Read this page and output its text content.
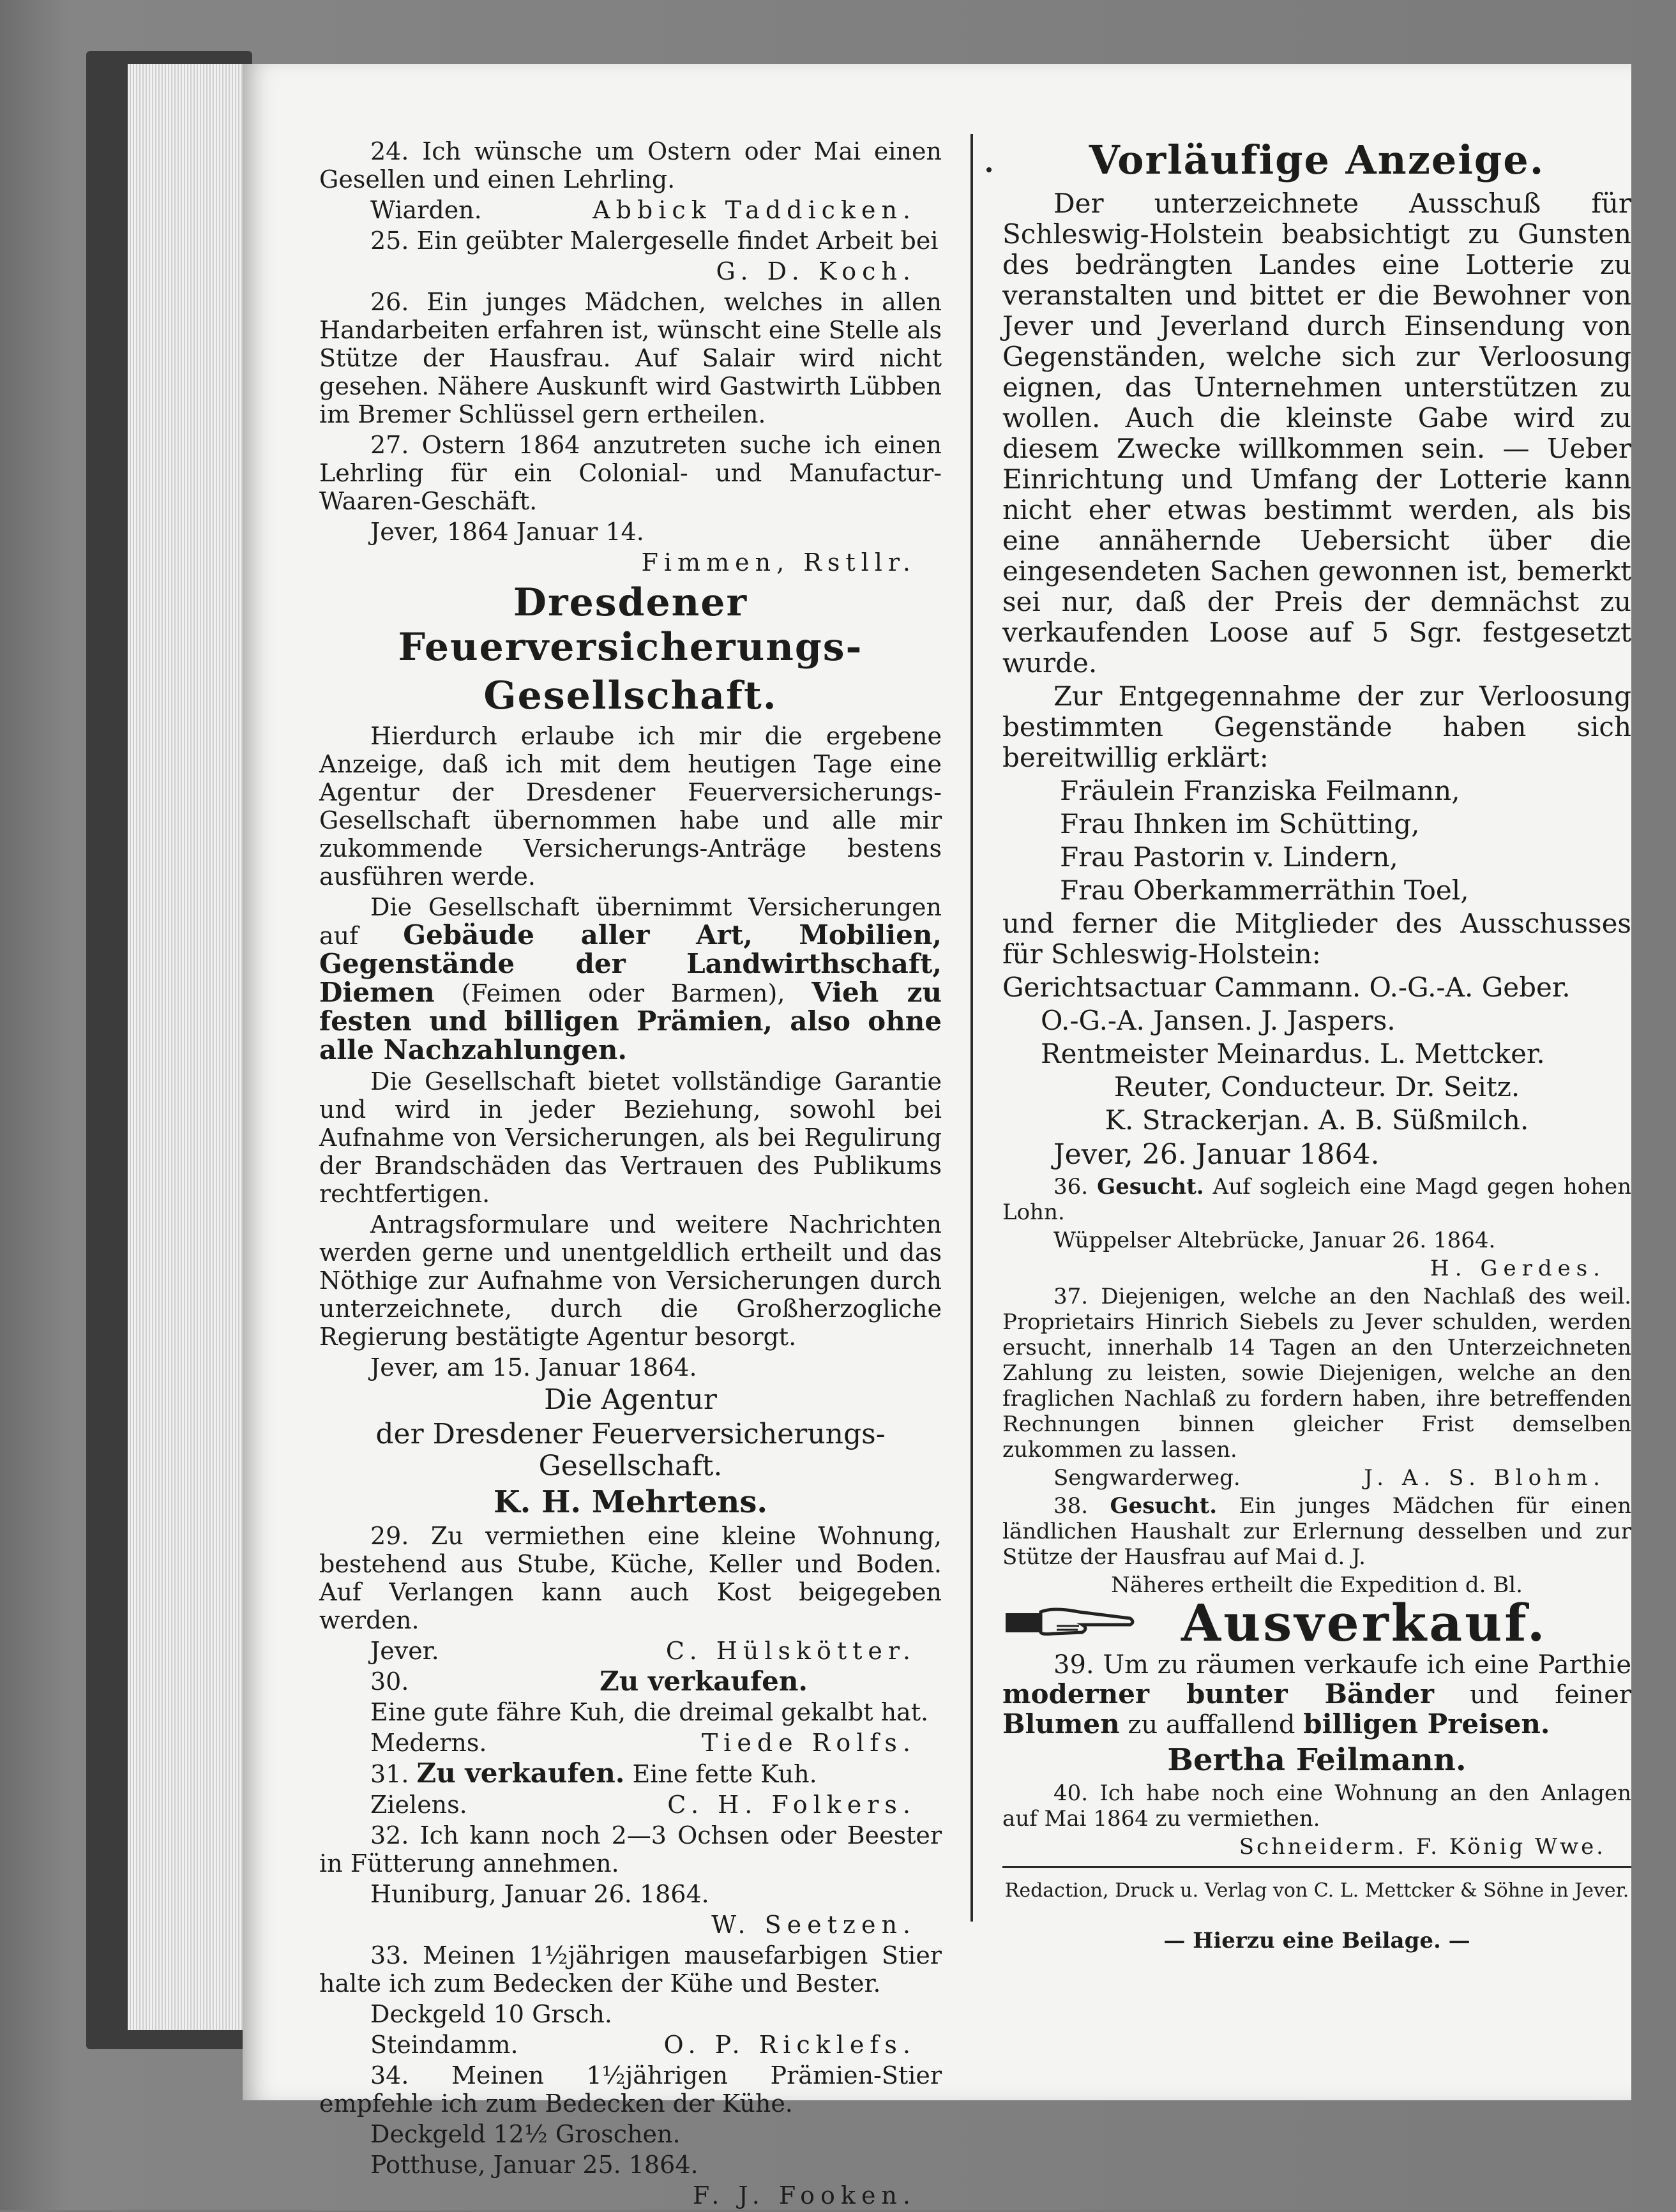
24. Ich wünsche um Ostern oder Mai einen Gesellen und einen Lehrling.

Wiarden.	Abbick Taddicken.

25. Ein geübter Malergeselle findet Arbeit bei

G. D. Koch.

26. Ein junges Mädchen, welches in allen Handarbeiten erfahren ist, wünscht eine Stelle als Stütze der Hausfrau. Auf Salair wird nicht gesehen. Nähere Auskunft wird Gastwirth Lübben im Bremer Schlüssel gern ertheilen.

27. Ostern 1864 anzutreten suche ich einen Lehrling für ein Colonial- und Manufactur-Waaren-Geschäft.

Jever, 1864 Januar 14.

Fimmen, Rstllr.

Dresdener Feuerversicherungs-

Gesellschaft.

Hierdurch erlaube ich mir die ergebene Anzeige, daß ich mit dem heutigen Tage eine Agentur der Dresdener Feuerversicherungs-Gesellschaft übernommen habe und alle mir zukommende Versicherungs-Anträge bestens ausführen werde.

Die Gesellschaft übernimmt Versicherungen auf Gebäude aller Art, Mobilien, Gegenstände der Landwirthschaft, Diemen (Feimen oder Barmen), Vieh zu festen und billigen Prämien, also ohne alle Nachzahlungen.

Die Gesellschaft bietet vollständige Garantie und wird in jeder Beziehung, sowohl bei Aufnahme von Versicherungen, als bei Regulirung der Brandschäden das Vertrauen des Publikums rechtfertigen.

Antragsformulare und weitere Nachrichten werden gerne und unentgeldlich ertheilt und das Nöthige zur Aufnahme von Versicherungen durch unterzeichnete, durch die Großherzogliche Regierung bestätigte Agentur besorgt.

Jever, am 15. Januar 1864.

Die Agentur

der Dresdener Feuerversicherungs-Gesellschaft.

K. H. Mehrtens.

29. Zu vermiethen eine kleine Wohnung, bestehend aus Stube, Küche, Keller und Boden. Auf Verlangen kann auch Kost beigegeben werden.

Jever.	C. Hülskötter.
30.	Zu verkaufen.

Eine gute fähre Kuh, die dreimal gekalbt hat.

Mederns.	Tiede Rolfs.

31. Zu verkaufen. Eine fette Kuh.

Zielens.	C. H. Folkers.

32. Ich kann noch 2—3 Ochsen oder Beester in Fütterung annehmen.

Huniburg, Januar 26. 1864.

W. Seetzen.

33. Meinen 1½jährigen mausefarbigen Stier halte ich zum Bedecken der Kühe und Bester.

Deckgeld 10 Grsch.

Steindamm.	O. P. Ricklefs.

34. Meinen 1½jährigen Prämien-Stier empfehle ich zum Bedecken der Kühe.

Deckgeld 12½ Groschen.

Potthuse, Januar 25. 1864.

F. J. Fooken.

Vorläufige Anzeige.

Der unterzeichnete Ausschuß für Schleswig-Holstein beabsichtigt zu Gunsten des bedrängten Landes eine Lotterie zu veranstalten und bittet er die Bewohner von Jever und Jeverland durch Einsendung von Gegenständen, welche sich zur Verloosung eignen, das Unternehmen unterstützen zu wollen. Auch die kleinste Gabe wird zu diesem Zwecke willkommen sein. — Ueber Einrichtung und Umfang der Lotterie kann nicht eher etwas bestimmt werden, als bis eine annähernde Uebersicht über die eingesendeten Sachen gewonnen ist, bemerkt sei nur, daß der Preis der demnächst zu verkaufenden Loose auf 5 Sgr. festgesetzt wurde.

Zur Entgegennahme der zur Verloosung bestimmten Gegenstände haben sich bereitwillig erklärt:

Fräulein Franziska Feilmann,

Frau Ihnken im Schütting,

Frau Pastorin v. Lindern,

Frau Oberkammerräthin Toel,

und ferner die Mitglieder des Ausschusses für Schleswig-Holstein:

Gerichtsactuar Cammann. O.-G.-A. Geber.

O.-G.-A. Jansen. J. Jaspers.

Rentmeister Meinardus. L. Mettcker.

Reuter, Conducteur. Dr. Seitz.

K. Strackerjan. A. B. Süßmilch.

Jever, 26. Januar 1864.

36. Gesucht. Auf sogleich eine Magd gegen hohen Lohn.

Wüppelser Altebrücke, Januar 26. 1864.

H. Gerdes.

37. Diejenigen, welche an den Nachlaß des weil. Proprietairs Hinrich Siebels zu Jever schulden, werden ersucht, innerhalb 14 Tagen an den Unterzeichneten Zahlung zu leisten, sowie Diejenigen, welche an den fraglichen Nachlaß zu fordern haben, ihre betreffenden Rechnungen binnen gleicher Frist demselben zukommen zu lassen.

Sengwarderweg.	J. A. S. Blohm.

38. Gesucht. Ein junges Mädchen für einen ländlichen Haushalt zur Erlernung desselben und zur Stütze der Hausfrau auf Mai d. J.

Näheres ertheilt die Expedition d. Bl.

Ausverkauf.

39. Um zu räumen verkaufe ich eine Parthie moderner bunter Bänder und feiner Blumen zu auffallend billigen Preisen.

Bertha Feilmann.

40. Ich habe noch eine Wohnung an den Anlagen auf Mai 1864 zu vermiethen.

Schneiderm. F. König Wwe.

Redaction, Druck u. Verlag von C. L. Mettcker & Söhne in Jever.

— Hierzu eine Beilage. —
